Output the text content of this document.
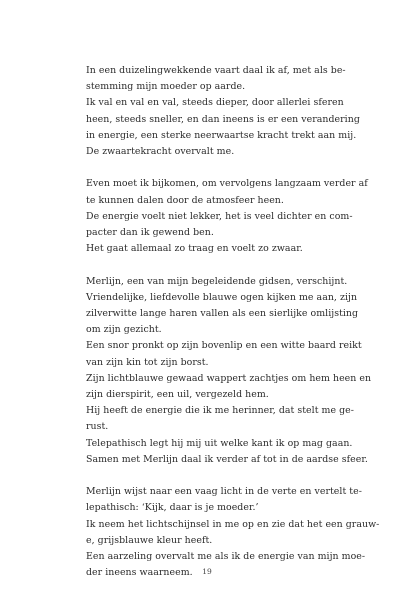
In een duizelingwekkende vaart daal ik af, met als be-
stemming mijn moeder op aarde.
Ik val en val en val, steeds dieper, door allerlei sferen
heen, steeds sneller, en dan ineens is er een verandering
in energie, een sterke neerwaartse kracht trekt aan mij.
De zwaartekracht overvalt me.

Even moet ik bijkomen, om vervolgens langzaam verder af
te kunnen dalen door de atmosfeer heen.
De energie voelt niet lekker, het is veel dichter en com-
pacter dan ik gewend ben.
Het gaat allemaal zo traag en voelt zo zwaar.

Merlijn, een van mijn begeleidende gidsen, verschijnt.
Vriendelijke, liefdevolle blauwe ogen kijken me aan, zijn
zilverwitte lange haren vallen als een sierlijke omlijsting
om zijn gezicht.
Een snor pronkt op zijn bovenlip en een witte baard reikt
van zijn kin tot zijn borst.
Zijn lichtblauwe gewaad wappert zachtjes om hem heen en
zijn dierspirit, een uil, vergezeld hem.
Hij heeft de energie die ik me herinner, dat stelt me ge-
rust.
Telepathisch legt hij mij uit welke kant ik op mag gaan.
Samen met Merlijn daal ik verder af tot in de aardse sfeer.

Merlijn wijst naar een vaag licht in de verte en vertelt te-
lepathisch: ‘Kijk, daar is je moeder.’
Ik neem het lichtschijnsel in me op en zie dat het een grauw-
e, grijsblauwe kleur heeft.
Een aarzeling overvalt me als ik de energie van mijn moe-
der ineens waarneem.	19
